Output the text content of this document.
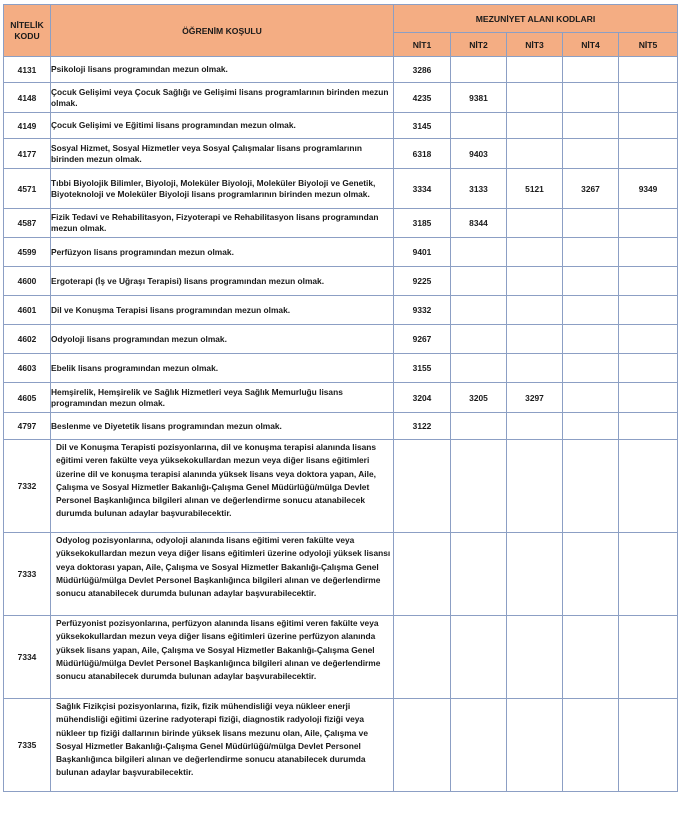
NİTELİK KODU	ÖĞRENİM KOŞULU	MEZUNİYET ALANI KODLARI				
		NİT1	NİT2	NİT3	NİT4	NİT5
4131	Psikoloji lisans programından mezun olmak.	3286				
4148	Çocuk Gelişimi veya Çocuk Sağlığı ve Gelişimi lisans programlarının birinden mezun olmak.	4235	9381			
4149	Çocuk Gelişimi ve Eğitimi lisans programından mezun olmak.	3145				
4177	Sosyal Hizmet, Sosyal Hizmetler veya Sosyal Çalışmalar lisans programlarının birinden mezun olmak.	6318	9403			
4571	Tıbbi Biyolojik Bilimler, Biyoloji, Moleküler Biyoloji, Moleküler Biyoloji ve Genetik, Biyoteknoloji ve Moleküler Biyoloji lisans programlarının birinden mezun olmak.	3334	3133	5121	3267	9349
4587	Fizik Tedavi ve Rehabilitasyon, Fizyoterapi ve Rehabilitasyon lisans programından mezun olmak.	3185	8344			
4599	Perfüzyon lisans programından mezun olmak.	9401				
4600	Ergoterapi (İş ve Uğraşı Terapisi) lisans programından mezun olmak.	9225				
4601	Dil ve Konuşma Terapisi lisans programından mezun olmak.	9332				
4602	Odyoloji lisans programından mezun olmak.	9267				
4603	Ebelik lisans programından mezun olmak.	3155				
4605	Hemşirelik, Hemşirelik ve Sağlık Hizmetleri veya Sağlık Memurluğu lisans programından mezun olmak.	3204	3205	3297		
4797	Beslenme ve Diyetetik lisans programından mezun olmak.	3122				
7332	Dil ve Konuşma Terapisti pozisyonlarına, dil ve konuşma terapisi alanında lisans eğitimi veren fakülte veya yüksekokullardan mezun veya diğer lisans eğitimleri üzerine dil ve konuşma terapisi alanında yüksek lisans veya doktora yapan, Aile, Çalışma ve Sosyal Hizmetler Bakanlığı-Çalışma Genel Müdürlüğü/mülga Devlet Personel Başkanlığınca bilgileri alınan ve değerlendirme sonucu atanabilecek durumda bulunan adaylar başvurabilecektir.					
7333	Odyolog pozisyonlarına, odyoloji alanında lisans eğitimi veren fakülte veya yüksekokullardan mezun veya diğer lisans eğitimleri üzerine odyoloji yüksek lisansı veya doktorası yapan, Aile, Çalışma ve Sosyal Hizmetler Bakanlığı-Çalışma Genel Müdürlüğü/mülga Devlet Personel Başkanlığınca bilgileri alınan ve değerlendirme sonucu atanabilecek durumda bulunan adaylar başvurabilecektir.					
7334	Perfüzyonist pozisyonlarına, perfüzyon alanında lisans eğitimi veren fakülte veya yüksekokullardan mezun veya diğer lisans eğitimleri üzerine perfüzyon alanında yüksek lisans yapan, Aile, Çalışma ve Sosyal Hizmetler Bakanlığı-Çalışma Genel Müdürlüğü/mülga Devlet Personel Başkanlığınca bilgileri alınan ve değerlendirme sonucu atanabilecek durumda bulunan adaylar başvurabilecektir.					
7335	Sağlık Fizikçisi pozisyonlarına, fizik, fizik mühendisliği veya nükleer enerji mühendisliği eğitimi üzerine radyoterapi fiziği, diagnostik radyoloji fiziği veya nükleer tıp fiziği dallarının birinde yüksek lisans mezunu olan, Aile, Çalışma ve Sosyal Hizmetler Bakanlığı-Çalışma Genel Müdürlüğü/mülga Devlet Personel Başkanlığınca bilgileri alınan ve değerlendirme sonucu atanabilecek durumda bulunan adaylar başvurabilecektir.					
